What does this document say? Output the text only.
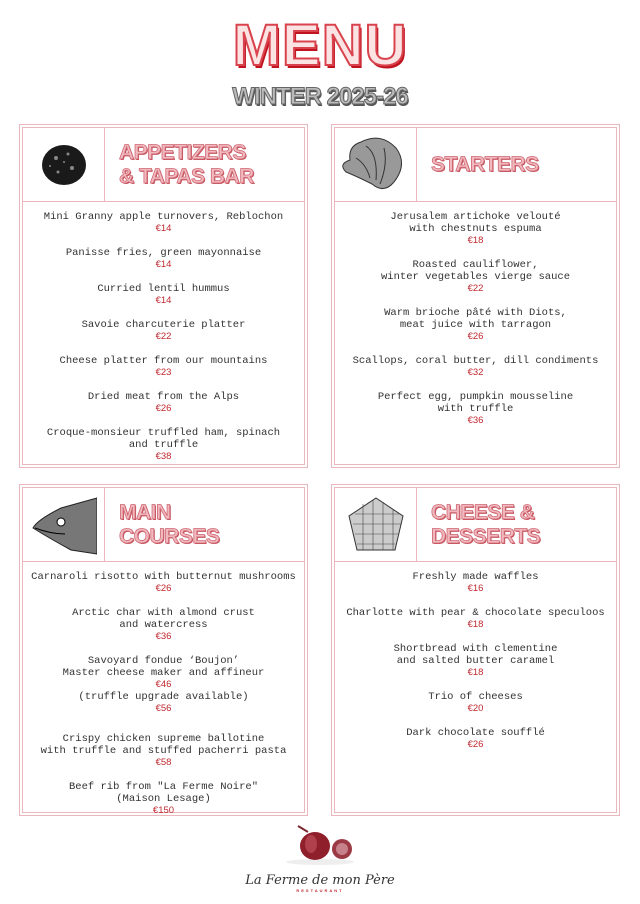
MENU
WINTER 2025-26
APPETIZERS
& TAPAS BAR
Mini Granny apple turnovers, Reblochon
€14
Panisse fries, green mayonnaise
€14
Curried lentil hummus
€14
Savoie charcuterie platter
€22
Cheese platter from our mountains
€23
Dried meat from the Alps
€26
Croque-monsieur truffled ham, spinach
and truffle
€38
STARTERS
Jerusalem artichoke velouté
with chestnuts espuma
€18
Roasted cauliflower,
winter vegetables vierge sauce
€22
Warm brioche pâté with Diots,
meat juice with tarragon
€26
Scallops, coral butter, dill condiments
€32
Perfect egg, pumpkin mousseline
with truffle
€36
MAIN
COURSES
Carnaroli risotto with butternut mushrooms
€26
Arctic char with almond crust
and watercress
€36
Savoyard fondue ‘Boujon’
Master cheese maker and affineur
€46
(truffle upgrade available)
€56
Crispy chicken supreme ballotine
with truffle and stuffed pacherri pasta
€58
Beef rib from "La Ferme Noire"
(Maison Lesage)
€150
CHEESE &
DESSERTS
Freshly made waffles
€16
Charlotte with pear & chocolate speculoos
€18
Shortbread with clementine
and salted butter caramel
€18
Trio of cheeses
€20
Dark chocolate soufflé
€26
La Ferme de mon Père
RESTAURANT
